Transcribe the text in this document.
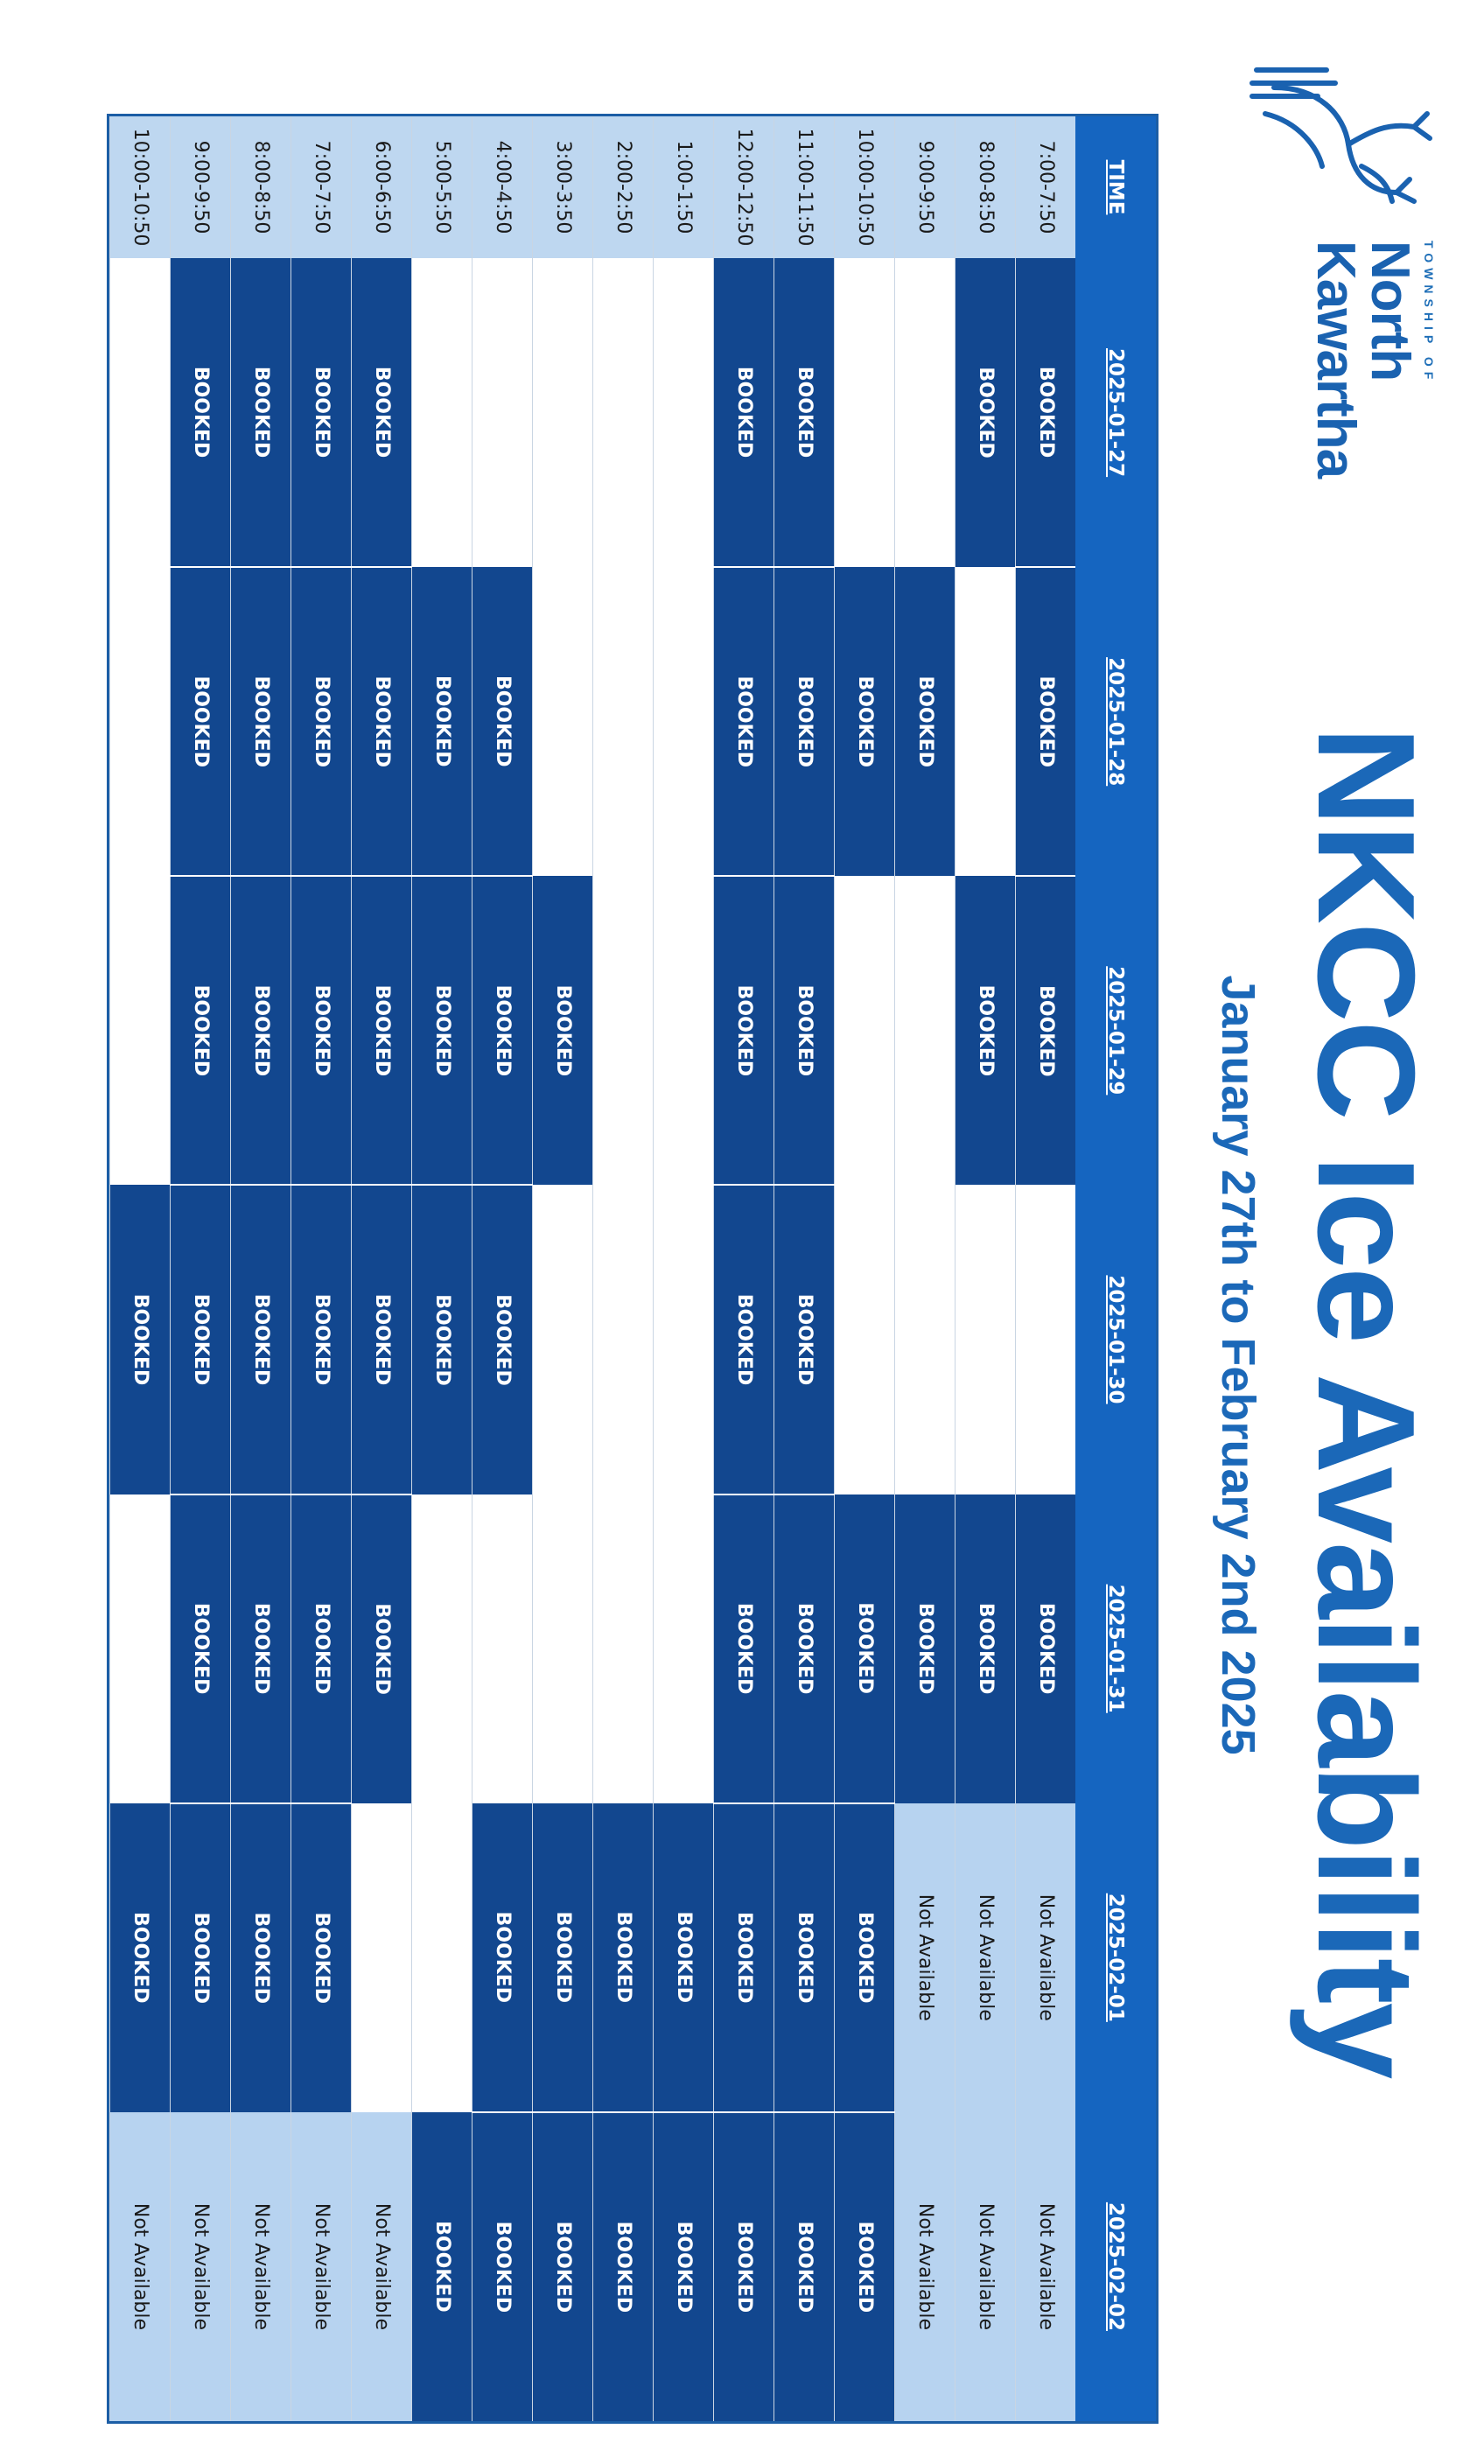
TOWNSHIP OF
North
Kawartha
NKCC Ice Availability
January 27th to February 2nd 2025
TIME	2025-01-27	2025-01-28	2025-01-29	2025-01-30	2025-01-31	2025-02-01	2025-02-02
7:00-7:50	BOOKED	BOOKED	BOOKED		BOOKED	Not Available	Not Available
8:00-8:50	BOOKED		BOOKED		BOOKED	Not Available	Not Available
9:00-9:50		BOOKED			BOOKED	Not Available	Not Available
10:00-10:50		BOOKED			BOOKED	BOOKED	BOOKED
11:00-11:50	BOOKED	BOOKED	BOOKED	BOOKED	BOOKED	BOOKED	BOOKED
12:00-12:50	BOOKED	BOOKED	BOOKED	BOOKED	BOOKED	BOOKED	BOOKED
1:00-1:50						BOOKED	BOOKED
2:00-2:50						BOOKED	BOOKED
3:00-3:50			BOOKED			BOOKED	BOOKED
4:00-4:50		BOOKED	BOOKED	BOOKED		BOOKED	BOOKED
5:00-5:50		BOOKED	BOOKED	BOOKED			BOOKED
6:00-6:50	BOOKED	BOOKED	BOOKED	BOOKED	BOOKED		Not Available
7:00-7:50	BOOKED	BOOKED	BOOKED	BOOKED	BOOKED	BOOKED	Not Available
8:00-8:50	BOOKED	BOOKED	BOOKED	BOOKED	BOOKED	BOOKED	Not Available
9:00-9:50	BOOKED	BOOKED	BOOKED	BOOKED	BOOKED	BOOKED	Not Available
10:00-10:50				BOOKED		BOOKED	Not Available
